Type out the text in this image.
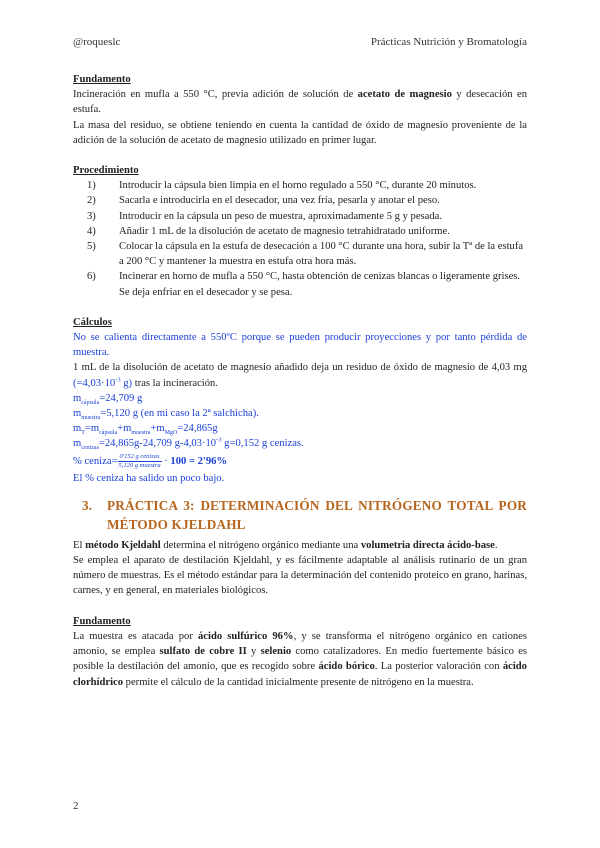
@roqueslc	Prácticas Nutrición y Bromatología

Fundamento

Incineración en mufla a 550 °C, previa adición de solución de acetato de magnesio y desecación en estufa.

La masa del residuo, se obtiene teniendo en cuenta la cantidad de óxido de magnesio proveniente de la adición de la solución de acetato de magnesio utilizado en primer lugar.

Procedimiento

1) Introducir la cápsula bien limpia en el horno regulado a 550 °C, durante 20 minutos.
2) Sacarla e introducirla en el desecador, una vez fría, pesarla y anotar el peso.
3) Introducir en la cápsula un peso de muestra, aproximadamente 5 g y pesada.
4) Añadir 1 mL de la disolución de acetato de magnesio tetrahidratado uniforme.
5) Colocar la cápsula en la estufa de desecación a 100 °C durante una hora, subir la Tª de la estufa a 200 °C y mantener la muestra en estufa otra hora más.
6) Incinerar en horno de mufla a 550 °C, hasta obtención de cenizas blancas o ligeramente grises. Se deja enfriar en el desecador y se pesa.

Cálculos

No se calienta directamente a 550ºC porque se pueden producir proyecciones y por tanto pérdida de muestra.

1 mL de la disolución de acetato de magnesio añadido deja un residuo de óxido de magnesio de 4,03 mg ($=4,03\cdot 10^{-3}$ g) tras la incineración.

$m_{cápsula}=24,709$ g

$m_{muestra}=5,120$ g (en mi caso la 2ª salchicha).

$m_T=m_{cápsula}+m_{muestra}+m_{MgO}=24,865g$

$m_{cenizas}=24,865g-24,709$ $g-4,03\cdot 10^{-3}$ g=0,152 g cenizas.

% ceniza= $\frac{\text{0'152 g cenizas}}{\text{5,120 g muestra}} \cdot 100 = 2'96\%$

El % ceniza ha salido un poco bajo.

3. PRÁCTICA 3: DETERMINACIÓN DEL NITRÓGENO TOTAL POR MÉTODO KJELDAHL

El método Kjeldahl determina el nitrógeno orgánico mediante una volumetria directa ácido-base.

Se emplea el aparato de destilación Kjeldahl, y es fácilmente adaptable al análisis rutinario de un gran número de muestras. Es el método estándar para la determinación del contenido proteico en grano, harinas, carnes, y en general, en materiales biológicos.

Fundamento

La muestra es atacada por ácido sulfúrico 96%, y se transforma el nitrógeno orgánico en cationes amonio, se emplea sulfato de cobre II y selenio como catalizadores. En medio fuertemente básico es posible la destilación del amonio, que es recogido sobre ácido bórico. La posterior valoración con ácido clorhídrico permite el cálculo de la cantidad inicialmente presente de nitrógeno en la muestra.

2
